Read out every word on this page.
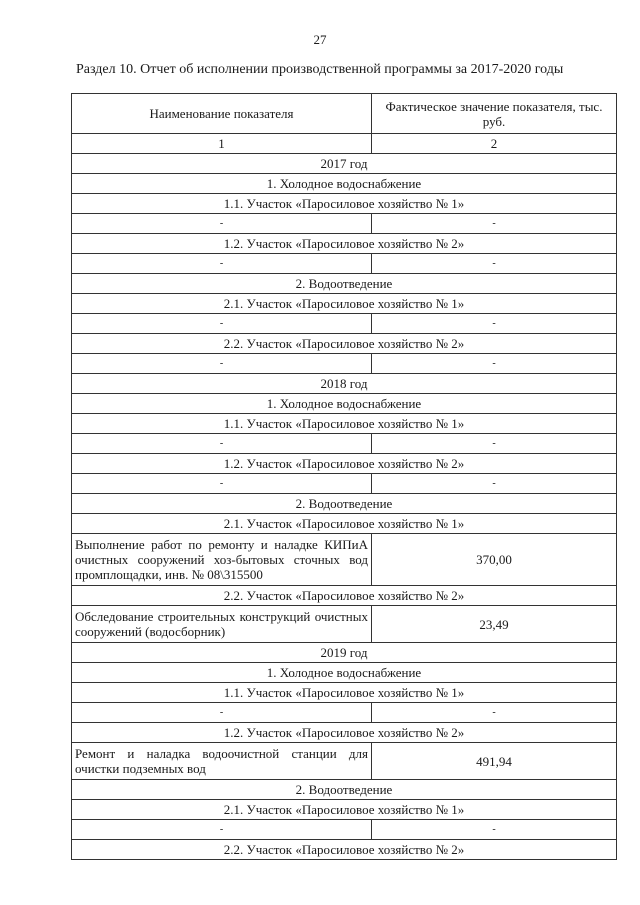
27
Раздел 10. Отчет об исполнении производственной программы за 2017-2020 годы
Наименование показателя	Фактическое значение показателя, тыс. руб.
1	2
2017 год	
1. Холодное водоснабжение	
1.1. Участок «Паросиловое хозяйство № 1»	
-	-
1.2. Участок «Паросиловое хозяйство № 2»	
-	-
2. Водоотведение	
2.1. Участок «Паросиловое хозяйство № 1»	
-	-
2.2. Участок «Паросиловое хозяйство № 2»	
-	-
2018 год	
1. Холодное водоснабжение	
1.1. Участок «Паросиловое хозяйство № 1»	
-	-
1.2. Участок «Паросиловое хозяйство № 2»	
-	-
2. Водоотведение	
2.1. Участок «Паросиловое хозяйство № 1»	
Выполнение работ по ремонту и наладке КИПиА очистных сооружений хоз-бытовых сточных вод промплощадки, инв. № 08\315500	370,00
2.2. Участок «Паросиловое хозяйство № 2»	
Обследование строительных конструкций очистных сооружений (водосборник)	23,49
2019 год	
1. Холодное водоснабжение	
1.1. Участок «Паросиловое хозяйство № 1»	
-	-
1.2. Участок «Паросиловое хозяйство № 2»	
Ремонт и наладка водоочистной станции для очистки подземных вод	491,94
2. Водоотведение	
2.1. Участок «Паросиловое хозяйство № 1»	
-	-
2.2. Участок «Паросиловое хозяйство № 2»	
